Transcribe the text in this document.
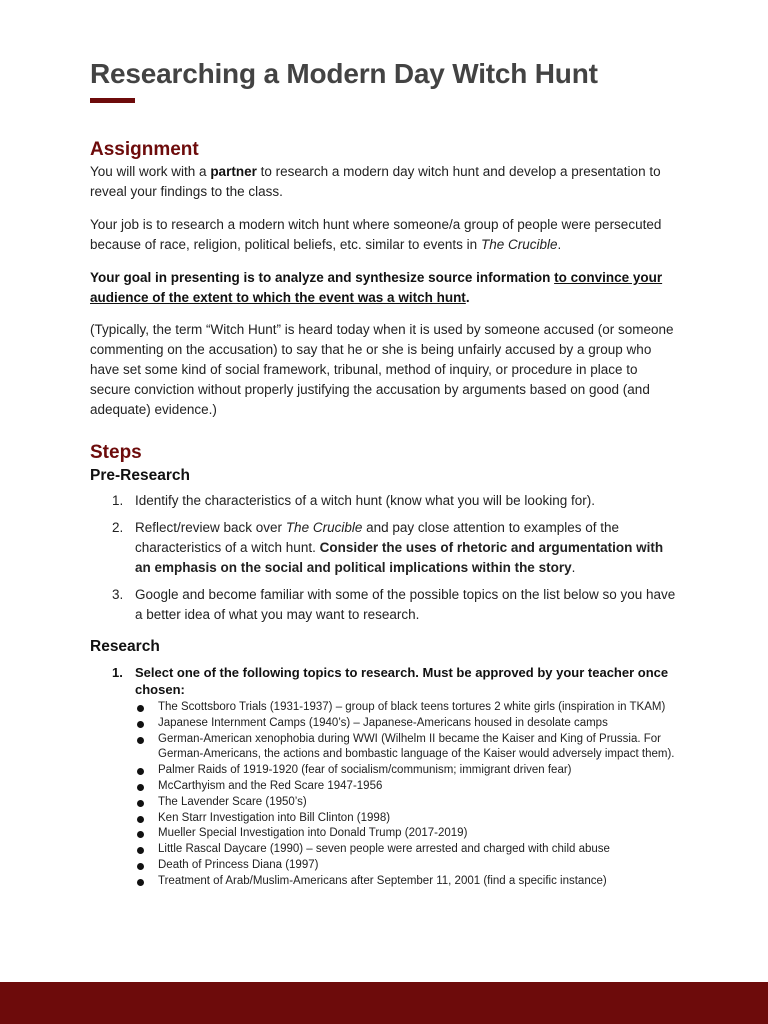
Researching a Modern Day Witch Hunt
Assignment

You will work with a partner to research a modern day witch hunt and develop a presentation to reveal your findings to the class.

Your job is to research a modern witch hunt where someone/a group of people were persecuted because of race, religion, political beliefs, etc. similar to events in The Crucible.

Your goal in presenting is to analyze and synthesize source information to convince your audience of the extent to which the event was a witch hunt.

(Typically, the term “Witch Hunt” is heard today when it is used by someone accused (or someone commenting on the accusation) to say that he or she is being unfairly accused by a group who have set some kind of social framework, tribunal, method of inquiry, or procedure in place to secure conviction without properly justifying the accusation by arguments based on good (and adequate) evidence.)

Steps
Pre-Research
1. Identify the characteristics of a witch hunt (know what you will be looking for).
2. Reflect/review back over The Crucible and pay close attention to examples of the characteristics of a witch hunt. Consider the uses of rhetoric and argumentation with an emphasis on the social and political implications within the story.
3. Google and become familiar with some of the possible topics on the list below so you have a better idea of what you may want to research.
Research
1. Select one of the following topics to research. Must be approved by your teacher once chosen:
The Scottsboro Trials (1931-1937) – group of black teens tortures 2 white girls (inspiration in TKAM)
Japanese Internment Camps (1940’s) – Japanese-Americans housed in desolate camps
German-American xenophobia during WWI (Wilhelm II became the Kaiser and King of Prussia. For German-Americans, the actions and bombastic language of the Kaiser would adversely impact them).
Palmer Raids of 1919-1920 (fear of socialism/communism; immigrant driven fear)
McCarthyism and the Red Scare 1947-1956
The Lavender Scare (1950’s)
Ken Starr Investigation into Bill Clinton (1998)
Mueller Special Investigation into Donald Trump (2017-2019)
Little Rascal Daycare (1990) – seven people were arrested and charged with child abuse
Death of Princess Diana (1997)
Treatment of Arab/Muslim-Americans after September 11, 2001 (find a specific instance)
